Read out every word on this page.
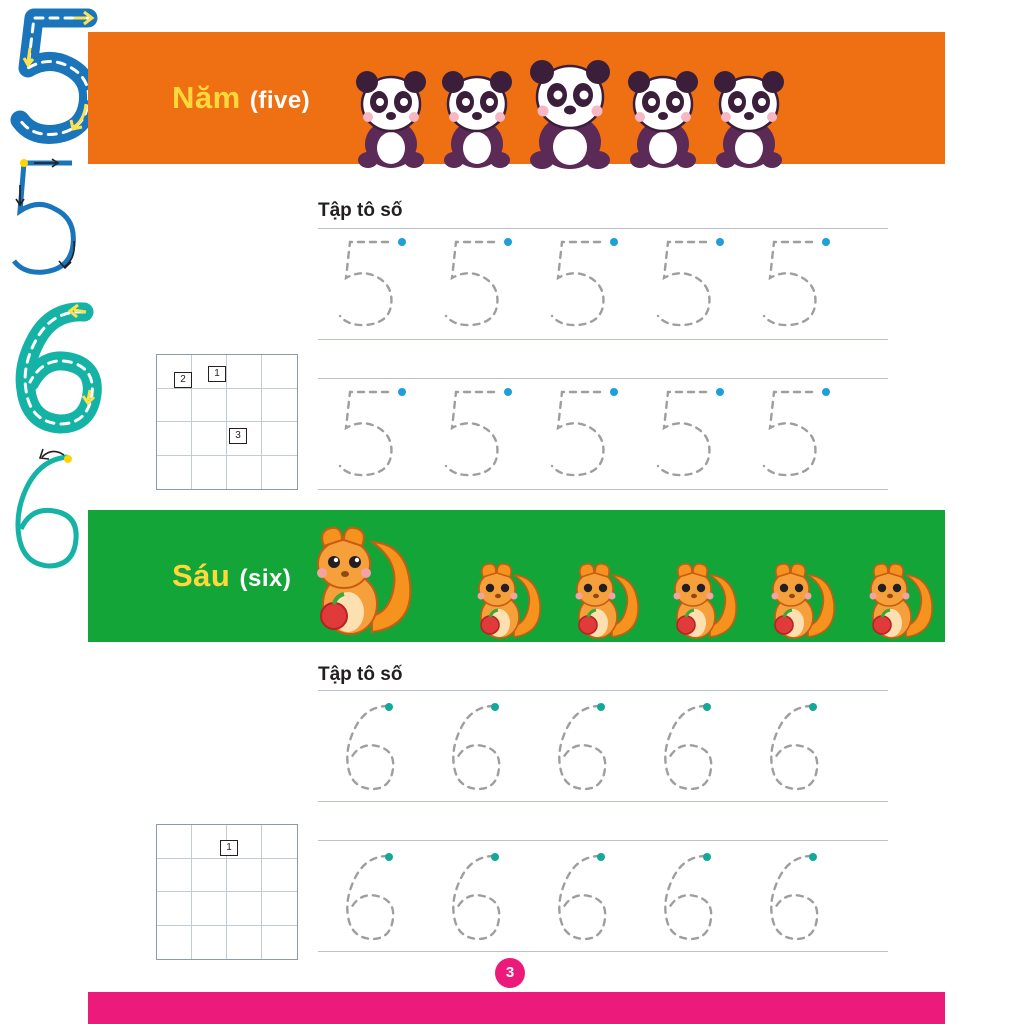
Năm (five)
Tập tô số
1
2
3
Sáu (six)
Tập tô số
1
3
